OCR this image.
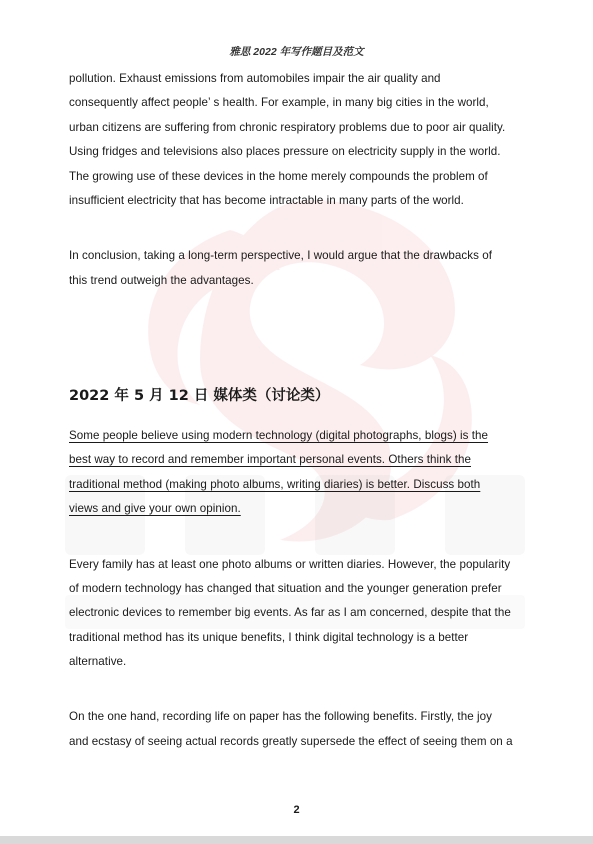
雅思 2022 年写作题目及范文
pollution. Exhaust emissions from automobiles impair the air quality and
consequently affect people’ s health. For example, in many big cities in the world,
urban citizens are suffering from chronic respiratory problems due to poor air quality.
Using fridges and televisions also places pressure on electricity supply in the world.
The growing use of these devices in the home merely compounds the problem of
insufficient electricity that has become intractable in many parts of the world.
In conclusion, taking a long-term perspective, I would argue that the drawbacks of
this trend outweigh the advantages.
2022 年 5 月 12 日 媒体类（讨论类）
Some people believe using modern technology (digital photographs, blogs) is the
best way to record and remember important personal events. Others think the
traditional method (making photo albums, writing diaries) is better. Discuss both
views and give your own opinion.
Every family has at least one photo albums or written diaries. However, the popularity
of modern technology has changed that situation and the younger generation prefer
electronic devices to remember big events. As far as I am concerned, despite that the
traditional method has its unique benefits, I think digital technology is a better
alternative.
On the one hand, recording life on paper has the following benefits. Firstly, the joy
and ecstasy of seeing actual records greatly supersede the effect of seeing them on a
2
